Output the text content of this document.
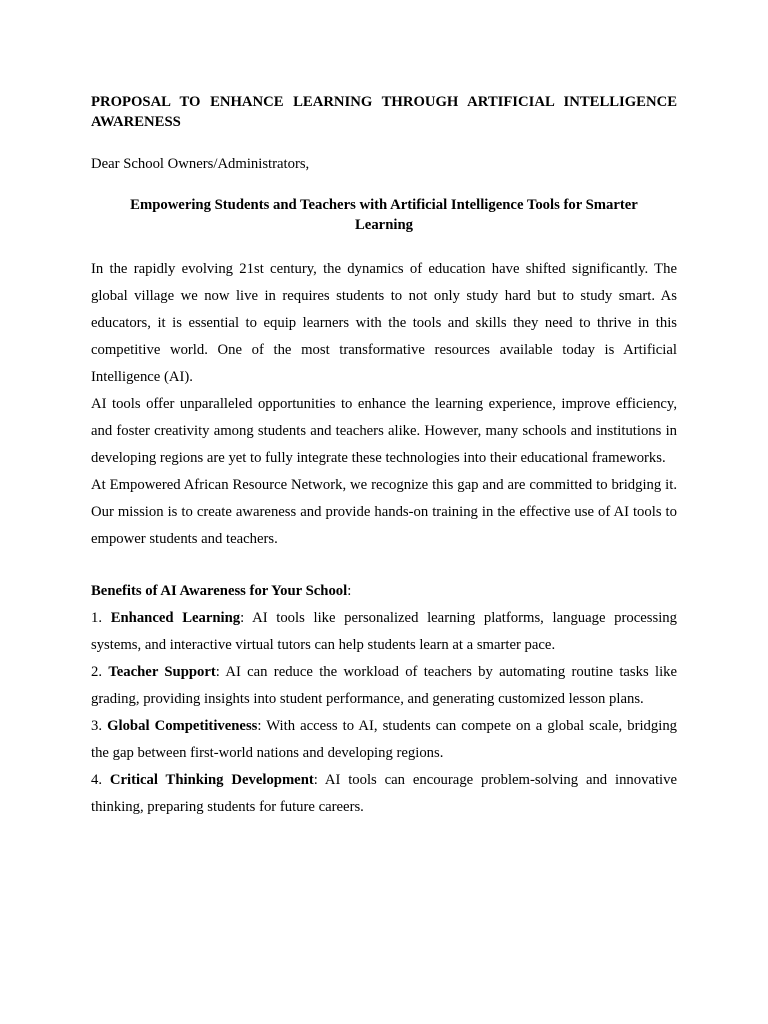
PROPOSAL TO ENHANCE LEARNING THROUGH ARTIFICIAL INTELLIGENCE AWARENESS

Dear School Owners/Administrators,

Empowering Students and Teachers with Artificial Intelligence Tools for Smarter Learning

In the rapidly evolving 21st century, the dynamics of education have shifted significantly. The global village we now live in requires students to not only study hard but to study smart. As educators, it is essential to equip learners with the tools and skills they need to thrive in this competitive world. One of the most transformative resources available today is Artificial Intelligence (AI).

AI tools offer unparalleled opportunities to enhance the learning experience, improve efficiency, and foster creativity among students and teachers alike. However, many schools and institutions in developing regions are yet to fully integrate these technologies into their educational frameworks.

At Empowered African Resource Network, we recognize this gap and are committed to bridging it. Our mission is to create awareness and provide hands-on training in the effective use of AI tools to empower students and teachers.

Benefits of AI Awareness for Your School:

1. Enhanced Learning: AI tools like personalized learning platforms, language processing systems, and interactive virtual tutors can help students learn at a smarter pace.

2. Teacher Support: AI can reduce the workload of teachers by automating routine tasks like grading, providing insights into student performance, and generating customized lesson plans.

3. Global Competitiveness: With access to AI, students can compete on a global scale, bridging the gap between first-world nations and developing regions.

4. Critical Thinking Development: AI tools can encourage problem-solving and innovative thinking, preparing students for future careers.
